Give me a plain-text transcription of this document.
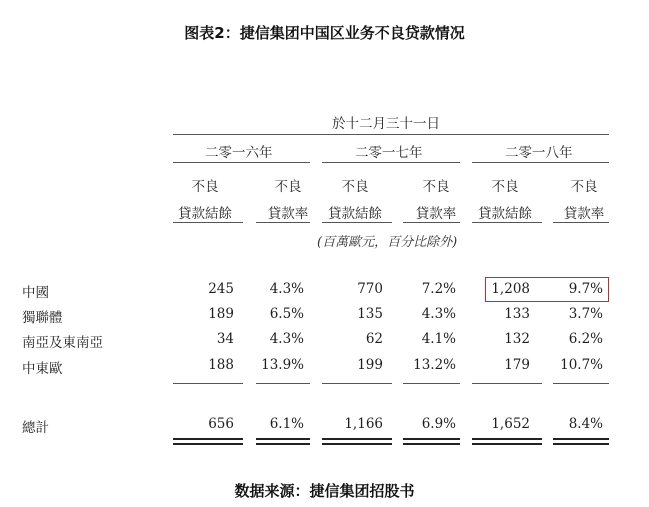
图表2：捷信集团中国区业务不良贷款情况
於十二月三十一日
二零一六年	二零一七年	二零一八年
不良
貸款結餘
不良
貸款率
不良
貸款結餘
不良
貸款率
不良
貸款結餘
不良
貸款率
(百萬歐元，百分比除外)
中國	245	4.3%	770	7.2%	1,208	9.7%
獨聯體	189	6.5%	135	4.3%	133	3.7%
南亞及東南亞	34	4.3%	62	4.1%	132	6.2%
中東歐	188 13.9%	199 13.2%	179 10.7%
總計	656	6.1%	1,166	6.9%	1,652	8.4%
数据来源：捷信集团招股书
